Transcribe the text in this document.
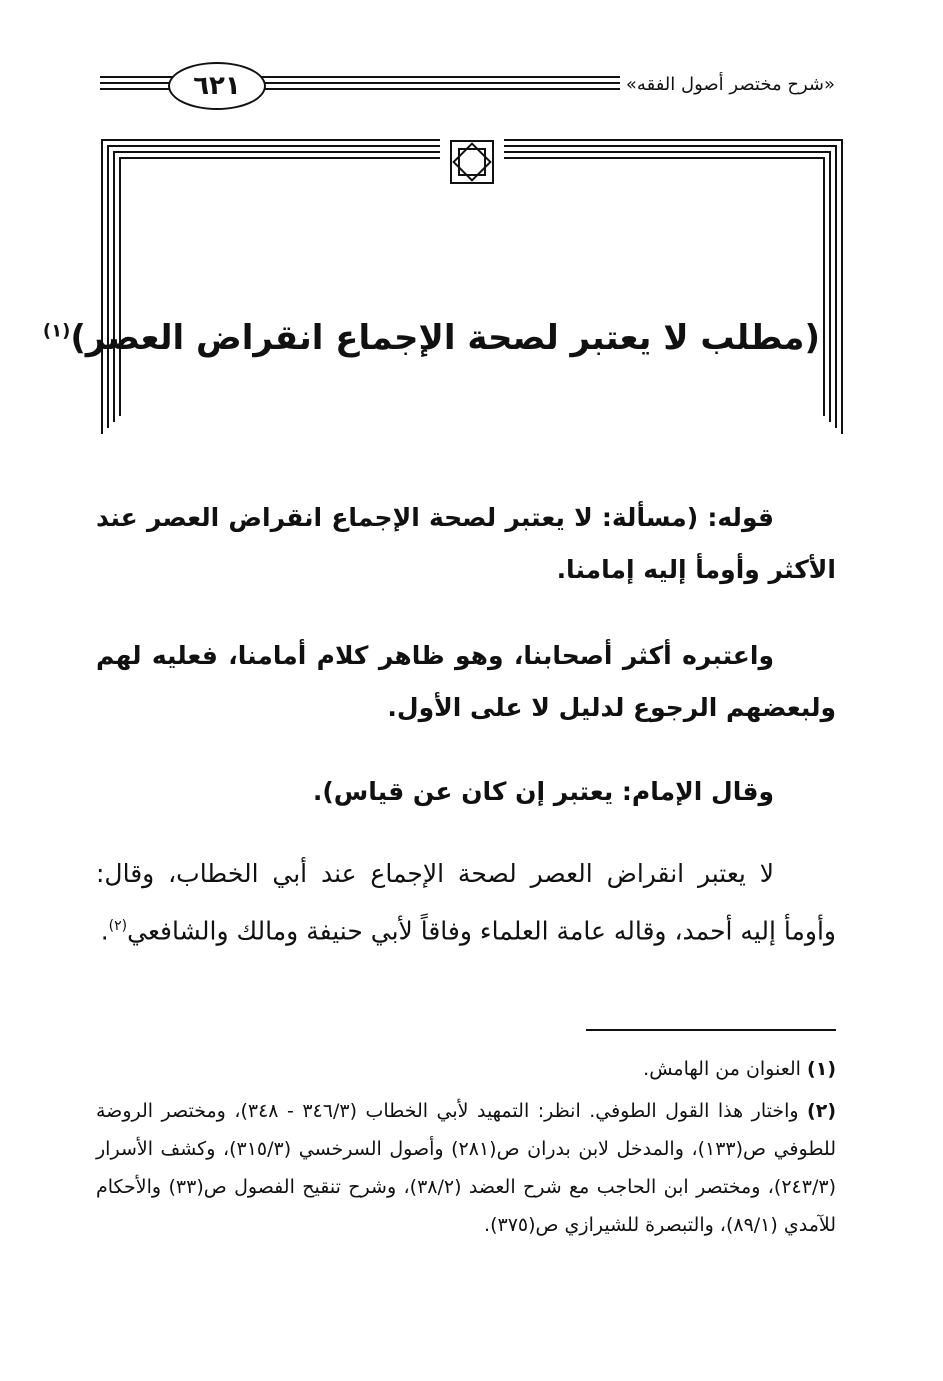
٦٢١	«شرح مختصر أصول الفقه»
(مطلب لا يعتبر لصحة الإجماع انقراض العصر)$^{(١)}$
قوله: (مسألة: لا يعتبر لصحة الإجماع انقراض العصر عند الأكثر وأومأ إليه إمامنا.
واعتبره أكثر أصحابنا، وهو ظاهر كلام أمامنا، فعليه لهم ولبعضهم الرجوع لدليل لا على الأول.
وقال الإمام: يعتبر إن كان عن قياس).
لا يعتبر انقراض العصر لصحة الإجماع عند أبي الخطاب، وقال: وأومأ إليه أحمد، وقاله عامة العلماء وفاقاً لأبي حنيفة ومالك والشافعي$^{(٢)}$.
(١) العنوان من الهامش.
(٢) واختار هذا القول الطوفي. انظر: التمهيد لأبي الخطاب (٣٤٦/٣ - ٣٤٨)، ومختصر الروضة للطوفي ص(١٣٣)، والمدخل لابن بدران ص(٢٨١) وأصول السرخسي (٣١٥/٣)، وكشف الأسرار (٢٤٣/٣)، ومختصر ابن الحاجب مع شرح العضد (٣٨/٢)، وشرح تنقيح الفصول ص(٣٣) والأحكام للآمدي (٨٩/١)، والتبصرة للشيرازي ص(٣٧٥).
